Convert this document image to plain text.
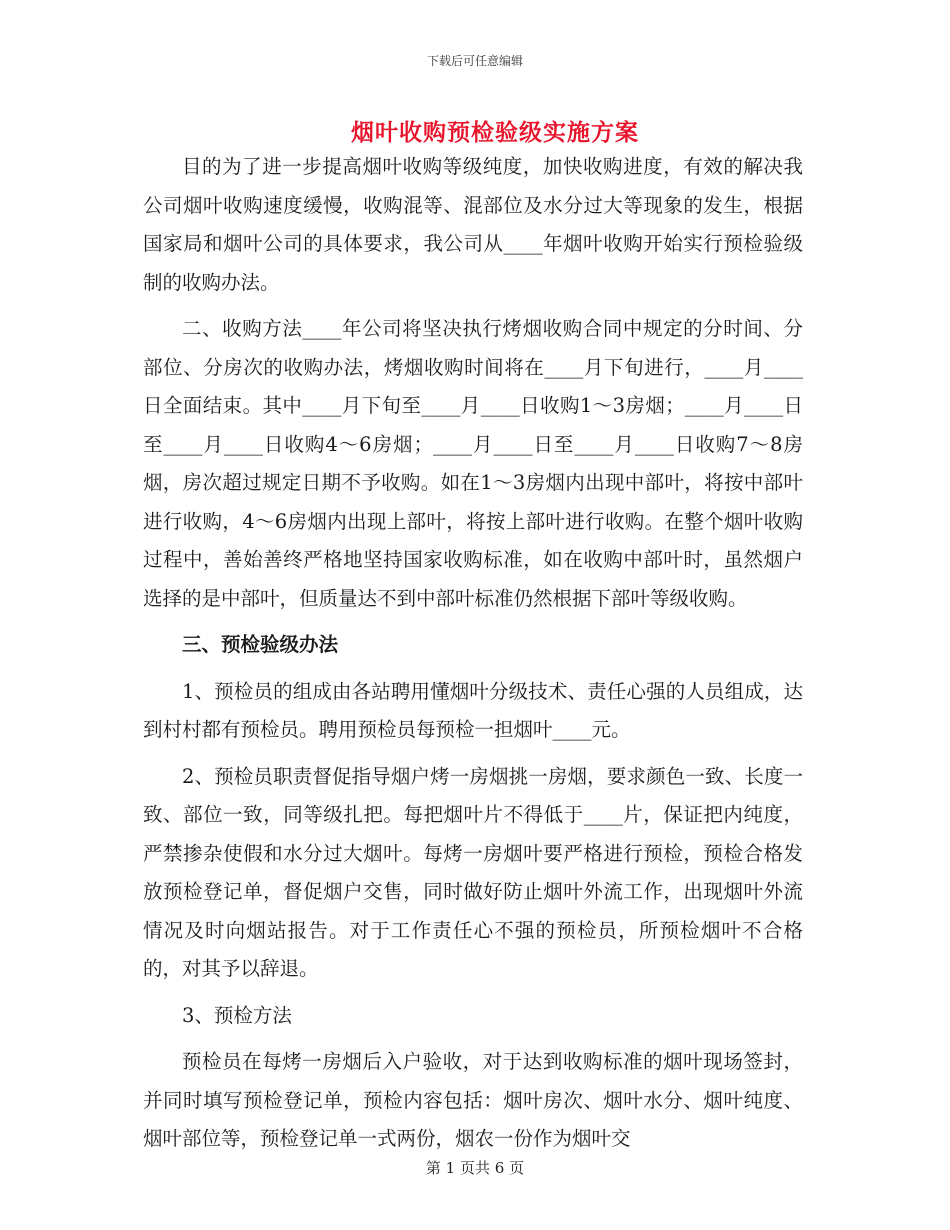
下载后可任意编辑
烟叶收购预检验级实施方案

目的为了进一步提高烟叶收购等级纯度，加快收购进度，有效的解决我公司烟叶收购速度缓慢，收购混等、混部位及水分过大等现象的发生，根据国家局和烟叶公司的具体要求，我公司从____年烟叶收购开始实行预检验级制的收购办法。

二、收购方法____年公司将坚决执行烤烟收购合同中规定的分时间、分部位、分房次的收购办法，烤烟收购时间将在____月下旬进行，____月____日全面结束。其中____月下旬至____月____日收购1～3房烟；____月____日至____月____日收购4～6房烟；____月____日至____月____日收购7～8房烟，房次超过规定日期不予收购。如在1～3房烟内出现中部叶，将按中部叶进行收购，4～6房烟内出现上部叶，将按上部叶进行收购。在整个烟叶收购过程中，善始善终严格地坚持国家收购标准，如在收购中部叶时，虽然烟户选择的是中部叶，但质量达不到中部叶标准仍然根据下部叶等级收购。

三、预检验级办法

1、预检员的组成由各站聘用懂烟叶分级技术、责任心强的人员组成，达到村村都有预检员。聘用预检员每预检一担烟叶____元。

2、预检员职责督促指导烟户烤一房烟挑一房烟，要求颜色一致、长度一致、部位一致，同等级扎把。每把烟叶片不得低于____片，保证把内纯度，严禁掺杂使假和水分过大烟叶。每烤一房烟叶要严格进行预检，预检合格发放预检登记单，督促烟户交售，同时做好防止烟叶外流工作，出现烟叶外流情况及时向烟站报告。对于工作责任心不强的预检员，所预检烟叶不合格的，对其予以辞退。

3、预检方法

预检员在每烤一房烟后入户验收，对于达到收购标准的烟叶现场签封，并同时填写预检登记单，预检内容包括：烟叶房次、烟叶水分、烟叶纯度、烟叶部位等，预检登记单一式两份，烟农一份作为烟叶交

第 1 页共 6 页
